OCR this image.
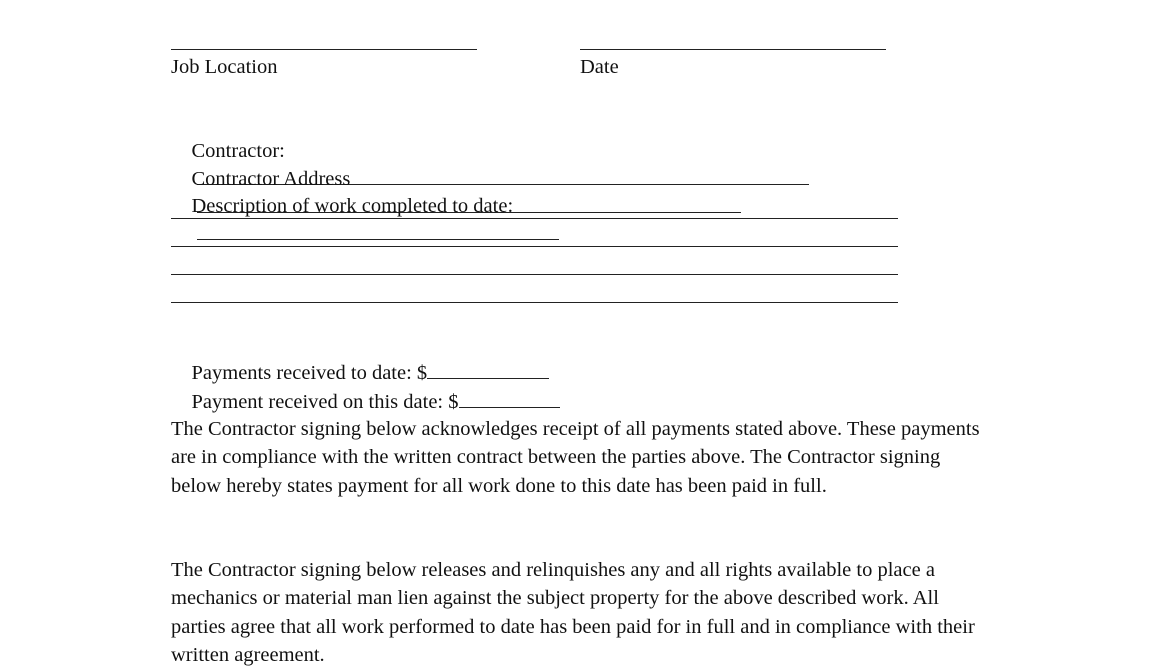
Job Location	Date

Contractor:

Contractor Address

Description of work completed to date:

Payments received to date: $

Payment received on this date: $

The Contractor signing below acknowledges receipt of all payments stated above. These payments are in compliance with the written contract between the parties above. The Contractor signing below hereby states payment for all work done to this date has been paid in full.
The Contractor signing below releases and relinquishes any and all rights available to place a mechanics or material man lien against the subject property for the above described work. All parties agree that all work performed to date has been paid for in full and in compliance with their written agreement.
